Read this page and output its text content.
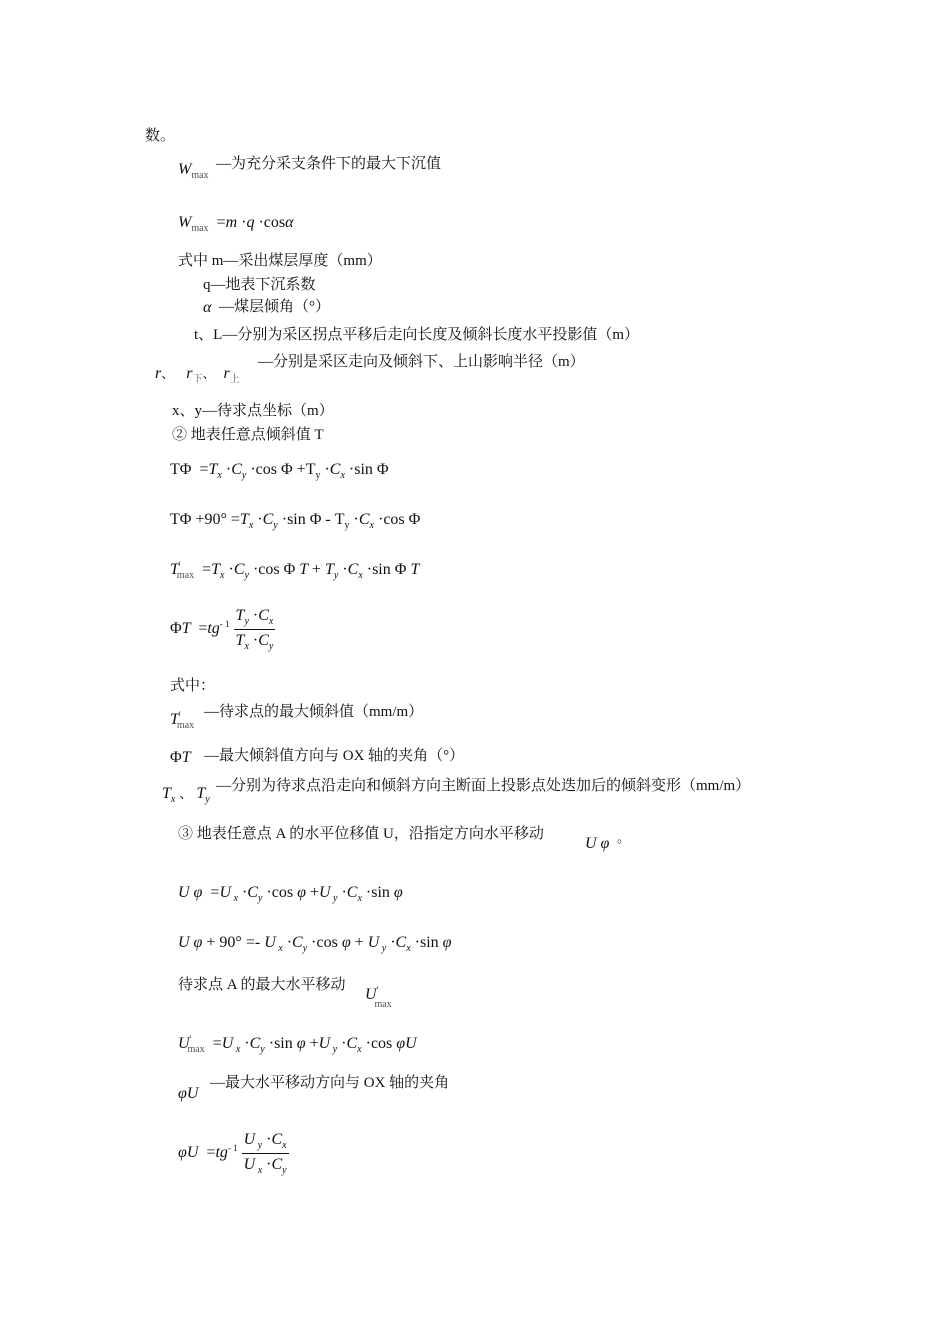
数。
$W_{max}$
—为充分采支条件下的最大下沉值
$W_{max} =m \cdot q \cdot\cos\alpha$
式中 m—采出煤层厚度（mm）
q—地表下沉系数
α —煤层倾角（°）
t、L—分别为采区拐点平移后走向长度及倾斜长度水平投影值（m）
r、   $r_下$、  $r_上$
—分别是采区走向及倾斜下、上山影响半径（m）
x、y—待求点坐标（m）
② 地表任意点倾斜值 T
$T\Phi =T_x \cdot C_y \cdot\cos$ $\Phi +T_y \cdot C_x \cdot\sin$ Φ
$T\Phi +90^\circ =T_x \cdot C_y \cdot\sin$ $\Phi - T_y \cdot C_x \cdot\cos$ Φ
$T'_{max} =T_x \cdot C_y \cdot\cos$ Φ $T + T_y \cdot C_x \cdot\sin$ Φ T
$\Phi T =tg^{- 1} \frac{T_y \cdot C_x}{T_x \cdot C_y}$
式中：
$T'_{max}$
—待求点的最大倾斜值（mm/m）
ΦT —最大倾斜值方向与 OX 轴的夹角（°）
$T_x$ 、 $T_y$
—分别为待求点沿走向和倾斜方向主断面上投影点处迭加后的倾斜变形（mm/m）
③ 地表任意点 A 的水平位移值 U，沿指定方向水平移动
U φ 。
U φ  =U $_x \cdot C_y \cdot\cos$ φ +U $_y \cdot C_x \cdot\sin$ φ
U φ + 90° =- U $_x \cdot C_y \cdot\cos$ φ + U $_y \cdot C_x \cdot\sin$ φ
待求点 A 的最大水平移动
$U'_{max}$
$U'_{max} =U$ $_x \cdot C_y \cdot\sin$ φ +U $_y \cdot C_x \cdot\cos$ φU
φU
—最大水平移动方向与 OX 轴的夹角
$\varphi U =tg^{- 1} \frac{U _y \cdot C_x}{U _x \cdot C_y}$
